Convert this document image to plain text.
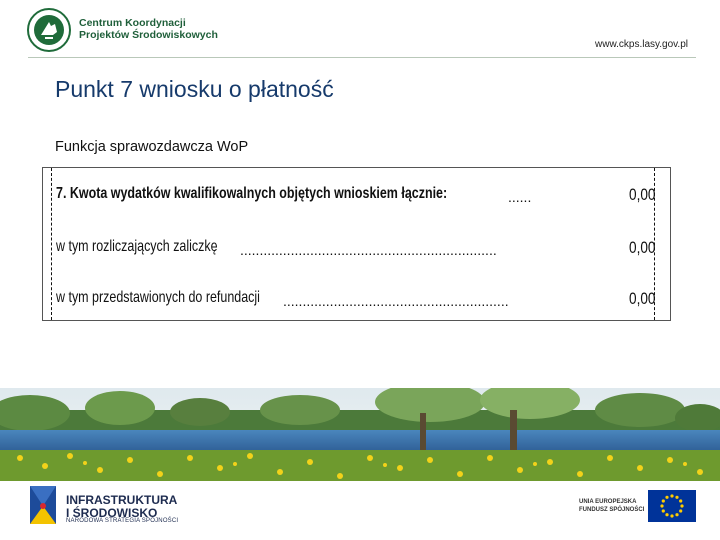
Centrum Koordynacji
Projektów Środowiskowych
www.ckps.lasy.gov.pl
Punkt 7 wniosku o płatność
Funkcja sprawozdawcza WoP
7. Kwota wydatków kwalifikowalnych objętych wnioskiem łącznie:	......	0,00
w tym rozliczających zaliczkę ..................................................................	0,00
w tym przedstawionych do refundacji ..........................................................	0,00
INFRASTRUKTURA
I ŚRODOWISKO
NARODOWA STRATEGIA SPÓJNOŚCI
UNIA EUROPEJSKA
FUNDUSZ SPÓJNOŚCI
